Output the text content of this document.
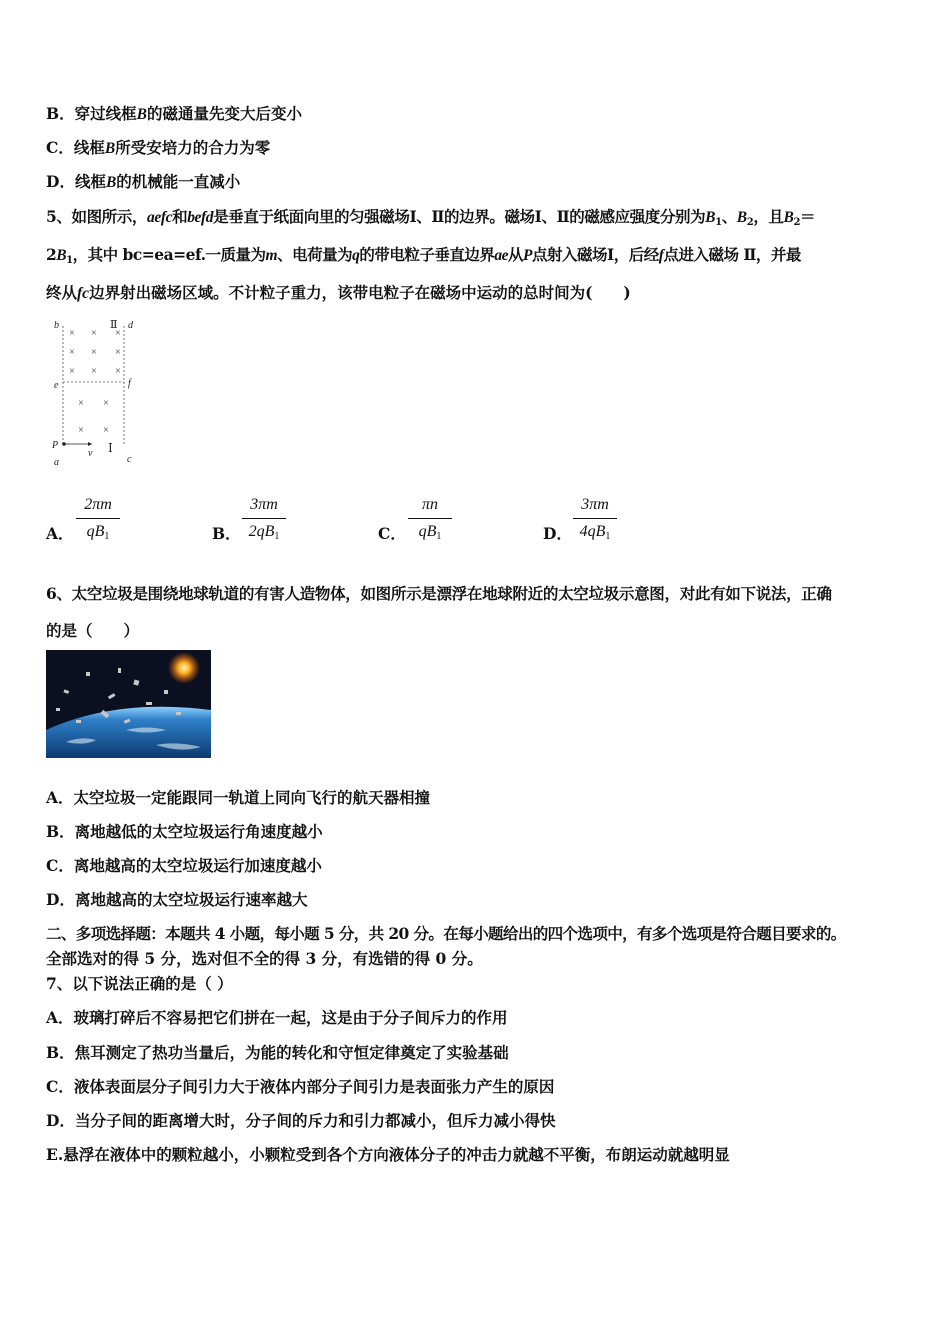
B．穿过线框B的磁通量先变大后变小
C．线框B所受安培力的合力为零
D．线框B的机械能一直减小
5、如图所示，aefc和befd是垂直于纸面向里的匀强磁场Ⅰ、Ⅱ的边界。磁场Ⅰ、Ⅱ的磁感应强度分别为$B_1$、$B_2$，且$B_2=$
$2B_1$，其中 bc=ea=ef.一质量为m、电荷量为q的带电粒子垂直边界ae从P点射入磁场Ⅰ，后经f点进入磁场 Ⅱ，并最
终从fc边界射出磁场区域。不计粒子重力，该带电粒子在磁场中运动的总时间为(　　)
× × ×
× × ×
× × ×
× ×
× ×
b	d
Ⅱ
e	f
P
v Ⅰ
a	c
A．
2πm
$qB_1$	B．
3πm
$2qB_1$	C．
πn
$qB_1$	D．
3πm
$4qB_1$
6、太空垃圾是围绕地球轨道的有害人造物体，如图所示是漂浮在地球附近的太空垃圾示意图，对此有如下说法，正确
的是（　　）
A．太空垃圾一定能跟同一轨道上同向飞行的航天器相撞
B．离地越低的太空垃圾运行角速度越小
C．离地越高的太空垃圾运行加速度越小
D．离地越高的太空垃圾运行速率越大
二、多项选择题：本题共 4 小题，每小题 5 分，共 20 分。在每小题给出的四个选项中，有多个选项是符合题目要求的。
全部选对的得 5 分，选对但不全的得 3 分，有选错的得 0 分。
7、以下说法正确的是（ ）
A．玻璃打碎后不容易把它们拼在一起，这是由于分子间斥力的作用
B．焦耳测定了热功当量后，为能的转化和守恒定律奠定了实验基础
C．液体表面层分子间引力大于液体内部分子间引力是表面张力产生的原因
D．当分子间的距离增大时，分子间的斥力和引力都减小，但斥力减小得快
E.悬浮在液体中的颗粒越小，小颗粒受到各个方向液体分子的冲击力就越不平衡，布朗运动就越明显
